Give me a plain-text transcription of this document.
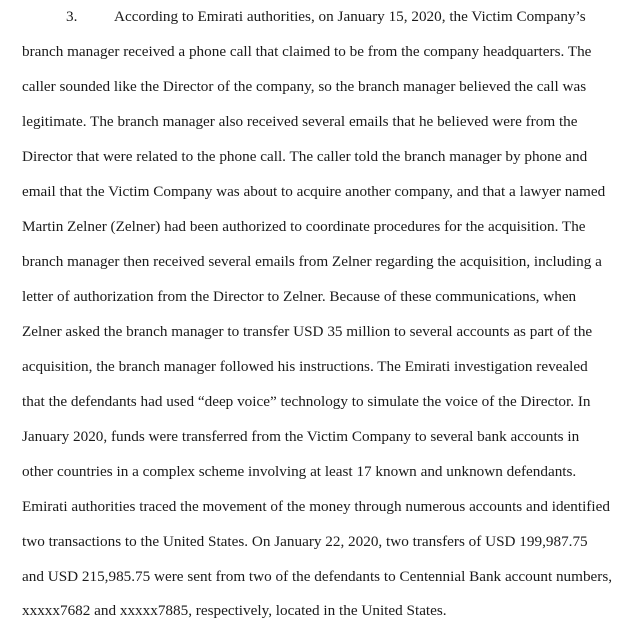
3. According to Emirati authorities, on January 15, 2020, the Victim Company’s
branch manager received a phone call that claimed to be from the company headquarters. The
caller sounded like the Director of the company, so the branch manager believed the call was
legitimate. The branch manager also received several emails that he believed were from the
Director that were related to the phone call. The caller told the branch manager by phone and
email that the Victim Company was about to acquire another company, and that a lawyer named
Martin Zelner (Zelner) had been authorized to coordinate procedures for the acquisition. The
branch manager then received several emails from Zelner regarding the acquisition, including a
letter of authorization from the Director to Zelner. Because of these communications, when
Zelner asked the branch manager to transfer USD 35 million to several accounts as part of the
acquisition, the branch manager followed his instructions. The Emirati investigation revealed
that the defendants had used “deep voice” technology to simulate the voice of the Director. In
January 2020, funds were transferred from the Victim Company to several bank accounts in
other countries in a complex scheme involving at least 17 known and unknown defendants.
Emirati authorities traced the movement of the money through numerous accounts and identified
two transactions to the United States. On January 22, 2020, two transfers of USD 199,987.75
and USD 215,985.75 were sent from two of the defendants to Centennial Bank account numbers,
xxxxx7682 and xxxxx7885, respectively, located in the United States.
